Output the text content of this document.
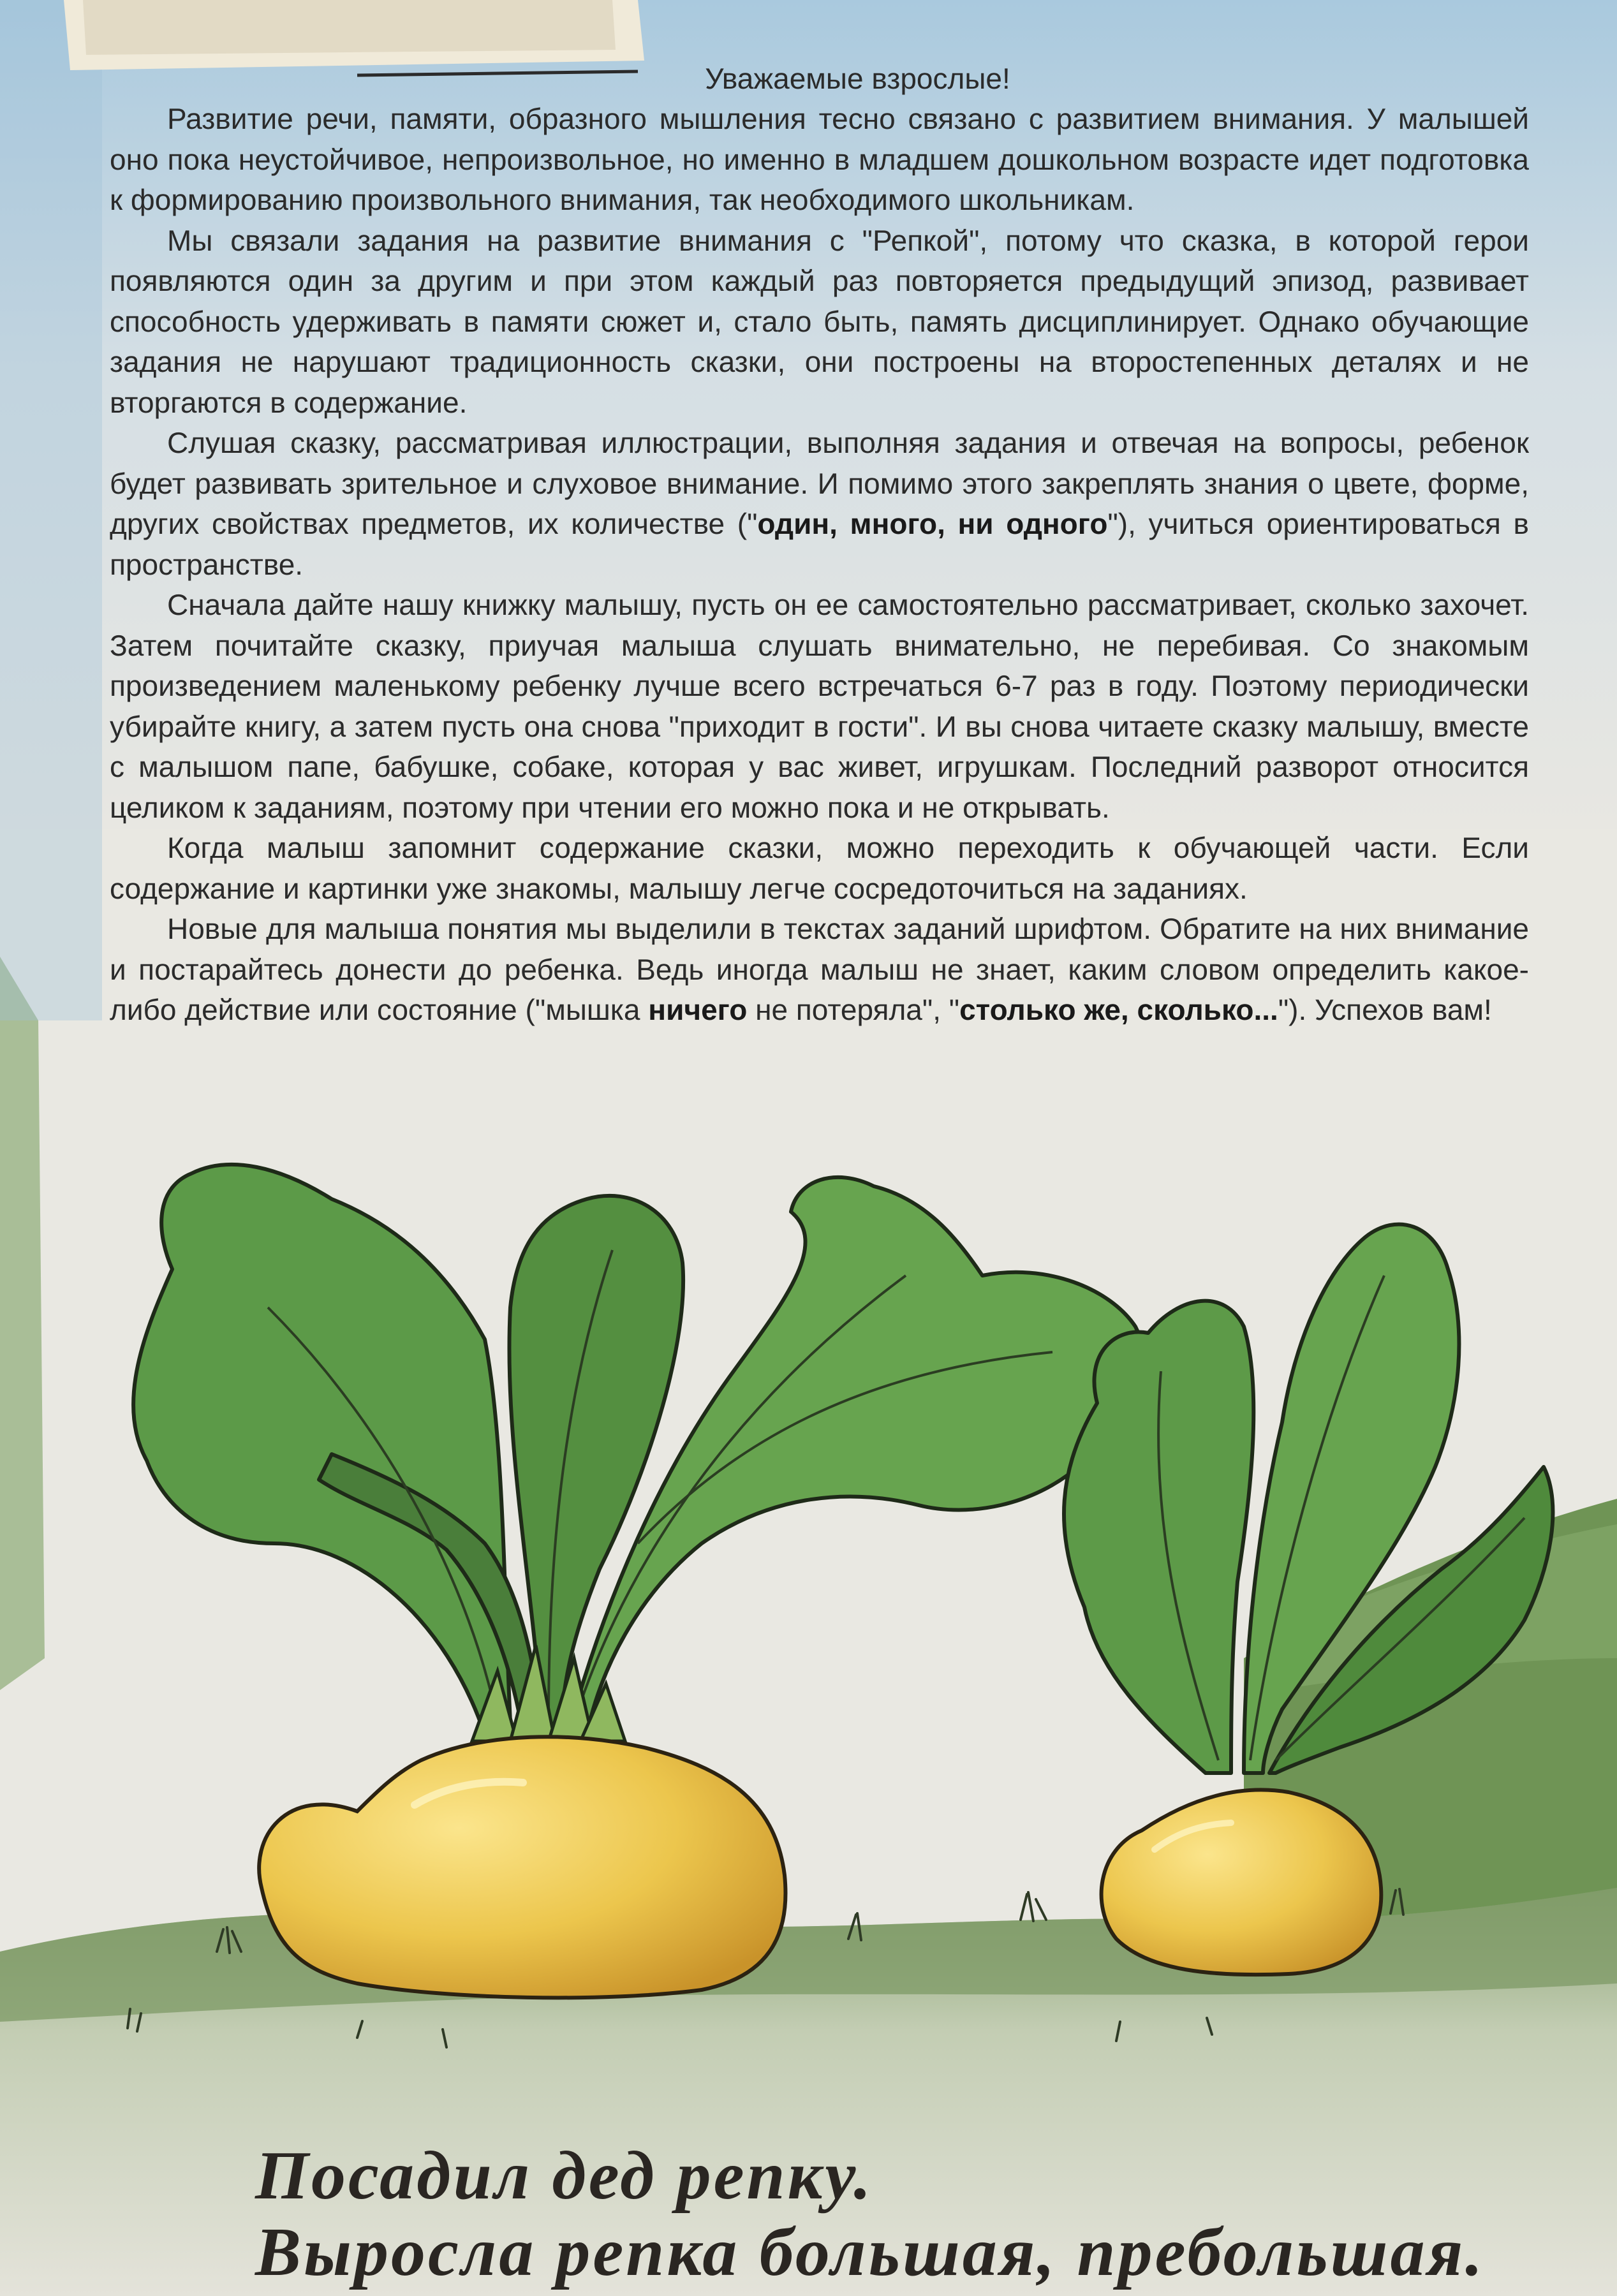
Уважаемые взрослые!

Развитие речи, памяти, образного мышления тесно связано с развитием внимания. У малышей оно пока неустойчивое, непроизвольное, но именно в младшем дошкольном возрасте идет подготовка к формированию произвольного внимания, так необходимого школьникам.

Мы связали задания на развитие внимания с "Репкой", потому что сказка, в которой герои появляются один за другим и при этом каждый раз повторяется предыдущий эпизод, развивает способность удерживать в памяти сюжет и, стало быть, память дисциплинирует. Однако обучающие задания не нарушают традиционность сказки, они построены на второстепенных деталях и не вторгаются в содержание.

Слушая сказку, рассматривая иллюстрации, выполняя задания и отвечая на вопросы, ребенок будет развивать зрительное и слуховое внимание. И помимо этого закреплять знания о цвете, форме, других свойствах предметов, их количестве ("один, много, ни одного"), учиться ориентироваться в пространстве.

Сначала дайте нашу книжку малышу, пусть он ее самостоятельно рассматривает, сколько захочет. Затем почитайте сказку, приучая малыша слушать внимательно, не перебивая. Со знакомым произведением маленькому ребенку лучше всего встречаться 6-7 раз в году. Поэтому периодически убирайте книгу, а затем пусть она снова "приходит в гости". И вы снова читаете сказку малышу, вместе с малышом папе, бабушке, собаке, которая у вас живет, игрушкам. Последний разворот относится целиком к заданиям, поэтому при чтении его можно пока и не открывать.

Когда малыш запомнит содержание сказки, можно переходить к обучающей части. Если содержание и картинки уже знакомы, малышу легче сосредоточиться на заданиях.

Новые для малыша понятия мы выделили в текстах заданий шрифтом. Обратите на них внимание и постарайтесь донести до ребенка. Ведь иногда малыш не знает, каким словом определить какое-либо действие или состояние ("мышка ничего не потеряла", "столько же, сколько..."). Успехов вам!

Посадил дед репку.

Выросла репка большая, пребольшая.
